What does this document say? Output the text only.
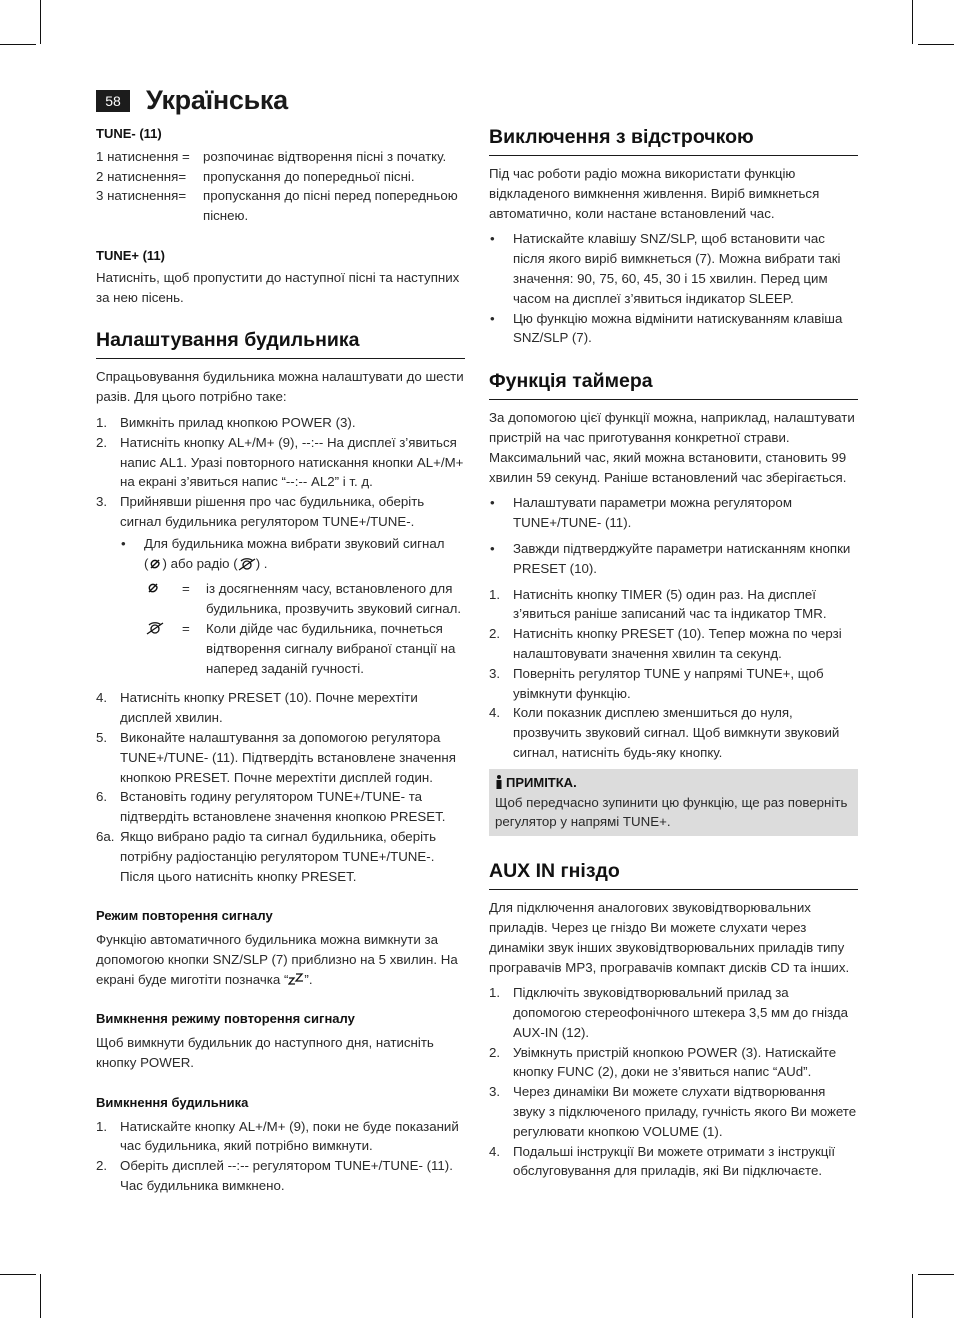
58 Українська

TUNE- (11)

1 натиснення =	розпочинає відтворення пісні з початку.
2 натиснення=	пропускання до попередньої пісні.
3 натиснення=	пропускання до пісні перед попередньою піснею.

TUNE+ (11)

Натисніть, щоб пропустити до наступної пісні та наступних за нею пісень.

Налаштування будильника

Спрацьовування будильника можна налаштувати до шести разів. Для цього потрібно таке:

1. Вимкніть прилад кнопкою POWER (3).
2. Натисніть кнопку AL+/M+ (9), --:-- На дисплеї з’явиться напис AL1. Уразі повторного натискання кнопки AL+/M+ на екрані з’явиться напис “--:-- AL2” і т. д.
3. Прийнявши рішення про час будильника, оберіть сигнал будильника регулятором TUNE+/TUNE-.
• Для будильника можна вибрати звуковий сигнал
( ) або радіо ( ) .
=	із досягненням часу, встановленого для будильника, прозвучить звуковий сигнал.
=	Коли дійде час будильника, почнеться відтворення сигналу вибраної станції на наперед заданій гучності.
4. Натисніть кнопку PRESET (10). Почне мерехтіти дисплей хвилин.
5. Виконайте налаштування за допомогою регулятора TUNE+/TUNE- (11). Підтвердіть встановлене значення кнопкою PRESET. Почне мерехтіти дисплей годин.
6. Встановіть годину регулятором TUNE+/TUNE- та підтвердіть встановлене значення кнопкою PRESET.
6a. Якщо вибрано радіо та сигнал будильника, оберіть потрібну радіостанцію регулятором TUNE+/TUNE-. Після цього натисніть кнопку PRESET.

Режим повторення сигналу

Функцію автоматичного будильника можна вимкнути за допомогою кнопки SNZ/SLP (7) приблизно на 5 хвилин. На екрані буде миготіти позначка “ ”.

Вимкнення режиму повторення сигналу

Щоб вимкнути будильник до наступного дня, натисніть кнопку POWER.

Вимкнення будильника

1. Натискайте кнопку AL+/M+ (9), поки не буде показаний час будильника, який потрібно вимкнути.
2. Оберіть дисплей --:-- регулятором TUNE+/TUNE- (11). Час будильника вимкнено.
Виключення з відстрочкою

Під час роботи радіо можна використати функцію відкладеного вимкнення живлення. Виріб вимкнеться автоматично, коли настане встановлений час.

• Натискайте клавішу SNZ/SLP, щоб встановити час після якого виріб вимкнеться (7). Можна вибрати такі значення: 90, 75, 60, 45, 30 і 15 хвилин. Перед цим часом на дисплеї з’явиться індикатор SLEEP.
• Цю функцію можна відмінити натискуванням клавіша SNZ/SLP (7).
Функція таймера

За допомогою цієї функції можна, наприклад, налаштувати пристрій на час приготування конкретної страви. Максимальний час, який можна встановити, становить 99 хвилин 59 секунд. Раніше встановлений час зберігається.

• Налаштувати параметри можна регулятором TUNE+/TUNE- (11).
• Завжди підтверджуйте параметри натисканням кнопки PRESET (10).
1. Натисніть кнопку TIMER (5) один раз. На дисплеї з’явиться раніше записаний час та індикатор TMR.
2. Натисніть кнопку PRESET (10). Тепер можна по черзі налаштовувати значення хвилин та секунд.
3. Поверніть регулятор TUNE у напрямі TUNE+, щоб увімкнути функцію.
4. Коли показник дисплею зменшиться до нуля, прозвучить звуковий сигнал. Щоб вимкнути звуковий сигнал, натисніть будь-яку кнопку.
ПРИМІТКА.

Щоб передчасно зупинити цю функцію, ще раз поверніть регулятор у напрямі TUNE+.

AUX IN гніздо

Для підключення аналогових звуковідтворювальних приладів. Через це гніздо Ви можете слухати через динаміки звук інших звуковідтворювальних приладів типу програвачів MP3, програвачів компакт дисків CD та інших.

1. Підключіть звуковідтворювальний прилад за допомогою стереофонічного штекера 3,5 мм до гнізда AUX-IN (12).
2. Увімкнуть пристрій кнопкою POWER (3). Натискайте кнопку FUNC (2), доки не з’явиться напис “AUd”.
3. Через динаміки Ви можете слухати відтворювання звуку з підключеного приладу, гучність якого Ви можете регулювати кнопкою VOLUME (1).
4. Подальші інструкції Ви можете отримати з інструкції обслуговування для приладів, які Ви підключаєте.
